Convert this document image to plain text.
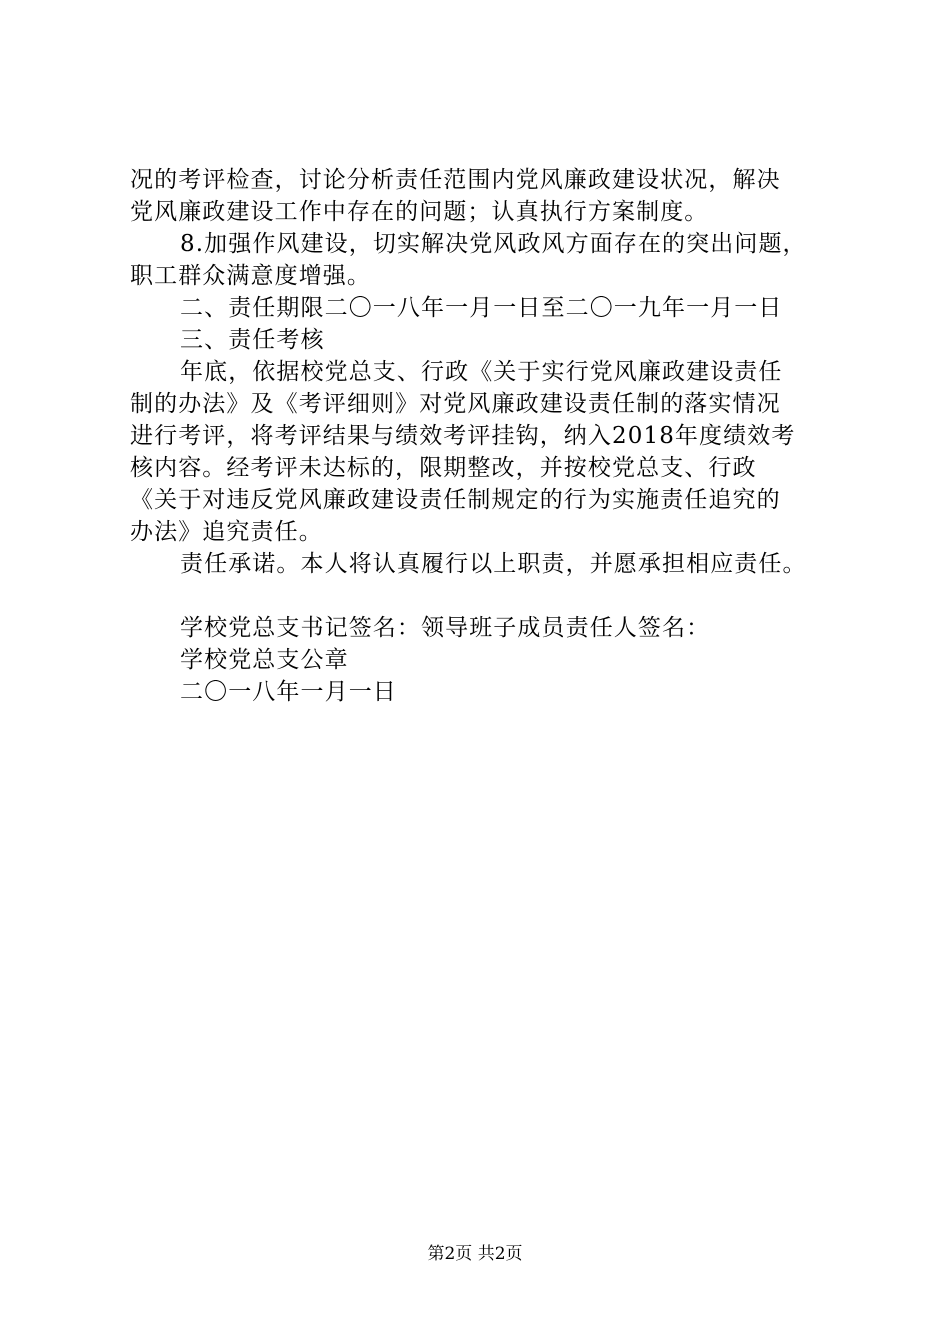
况的考评检查，讨论分析责任范围内党风廉政建设状况，解决
党风廉政建设工作中存在的问题；认真执行方案制度。
8.加强作风建设，切实解决党风政风方面存在的突出问题，
职工群众满意度增强。
二、责任期限二〇一八年一月一日至二〇一九年一月一日
三、责任考核
年底，依据校党总支、行政《关于实行党风廉政建设责任
制的办法》及《考评细则》对党风廉政建设责任制的落实情况
进行考评，将考评结果与绩效考评挂钩，纳入2018年度绩效考
核内容。经考评未达标的，限期整改，并按校党总支、行政
《关于对违反党风廉政建设责任制规定的行为实施责任追究的
办法》追究责任。
责任承诺。本人将认真履行以上职责，并愿承担相应责任。
学校党总支书记签名：领导班子成员责任人签名：
学校党总支公章
二〇一八年一月一日
第2页 共2页
